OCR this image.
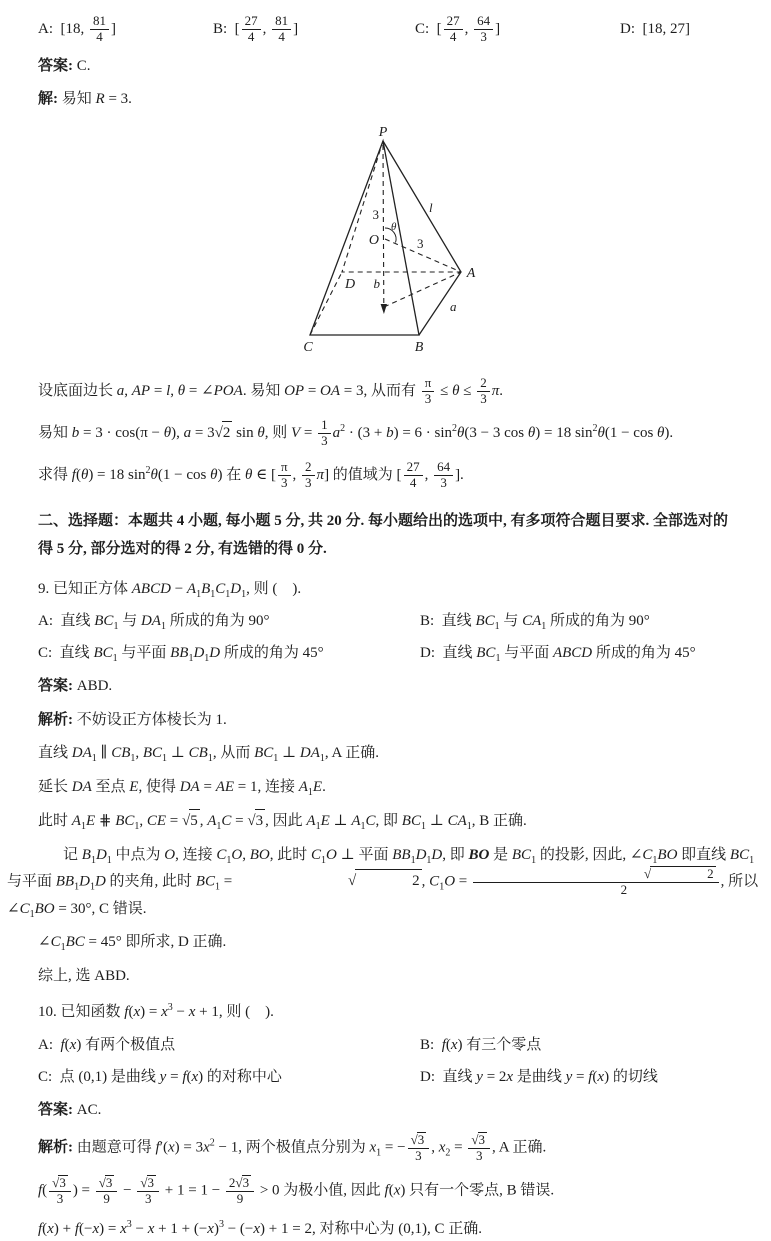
A: [18, $\frac{81}{4}$ ]	B: [ $\frac{27}{4}$ , $\frac{81}{4}$ ]	C: [ $\frac{27}{4}$ , $\frac{64}{3}$ ]	D: [18, 27]

答案: C.

解: 易知 R = 3.

P
C	B
A
D
O
θ
l
3
3
b
a

设底面边长 a, AP = l, θ = ∠POA. 易知 OP = OA = 3, 从而有 $\frac{\pi}{3} \le \theta \le \frac{2}{3} \pi$.

易知 b = 3 · cos(π − θ), a = 3√2 sin θ, 则 $V = \frac{1}{3} a^2 \cdot (3 + b) = 6 \cdot \sin^2\theta(3 - 3$ cos θ) = 18 $\sin^2\theta(1 - \cos \theta)$.

求得 f(θ) = 18 $\sin^2\theta(1 - \cos \theta)$ 在 θ ∈ [ $\frac{\pi}{3}$ , $\frac{2}{3} \pi$] 的值域为 [ $\frac{27}{4}$ , $\frac{64}{3}$ ].

二、选择题：本题共 4 小题, 每小题 5 分, 共 20 分. 每小题给出的选项中, 有多项符合题目要求. 全部选对的得 5 分, 部分选对的得 2 分, 有选错的得 0 分.

9. 已知正方体 ABCD − $A_1B_1C_1D_1$, 则 (  ).

A: 直线 $BC_1$ 与 $DA_1$ 所成的角为 90°	B: 直线 $BC_1$ 与 $CA_1$ 所成的角为 90°
C: 直线 $BC_1$ 与平面 $BB_1D_1D$ 所成的角为 45°	D: 直线 $BC_1$ 与平面 ABCD 所成的角为 45°

答案: ABD.

解析: 不妨设正方体棱长为 1.

直线 $DA_1$ ∥ $CB_1$, $BC_1$ ⊥ $CB_1$, 从而 $BC_1$ ⊥ $DA_1$, A 正确.

延长 DA 至点 E, 使得 DA = AE = 1, 连接 $A_1E$.

此时 $A_1E$ ⋕ $BC_1$, CE = √5 , $A_1C = √3$ , 因此 $A_1E$ ⊥ $A_1C$, 即 $BC_1$ ⊥ $CA_1$, B 正确.

记 $B_1D_1$ 中点为 O, 连接 $C_1O$, BO, 此时 $C_1O$ ⊥ 平面 $BB_1D_1D$, 即 BO 是 $BC_1$ 的投影, 因此, $\angle C_1BO$ 即直线 $BC_1$ 与平面 $BB_1D_1D$ 的夹角, 此时 $BC_1$ =	√	2 , $C_1O$ = √	2
2 , 所以 $\angle C_1BO = 30^\circ$, C 错误.

$\angle C_1BC = 45^\circ$ 即所求, D 正确.

综上, 选 ABD.

10. 已知函数 $f(x) = x^3 - x + 1$, 则 (  ).

A: f(x) 有两个极值点	B: f(x) 有三个零点
C: 点 (0,1) 是曲线 y = f(x) 的对称中心	D: 直线 y = 2x 是曲线 y = f(x) 的切线

答案: AC.

解析: 由题意可得 $f'(x) = 3x^2 - 1$, 两个极值点分别为 $x_1$ = − $\frac{√3}{3}$ , $x_2 = \frac{√3}{3}$ , A 正确.

$f( \frac{√3}{3}$ ) = $\frac{√3}{9} - \frac{√3}{3} + 1 = 1 - \frac{2√3}{9} > 0$ 为极小值, 因此 f(x) 只有一个零点, B 错误.

$f(x) + f(-x) = x^3 - x + 1 + (-x)^3 - (-x) + 1 = 2$, 对称中心为 (0,1), C 正确.
